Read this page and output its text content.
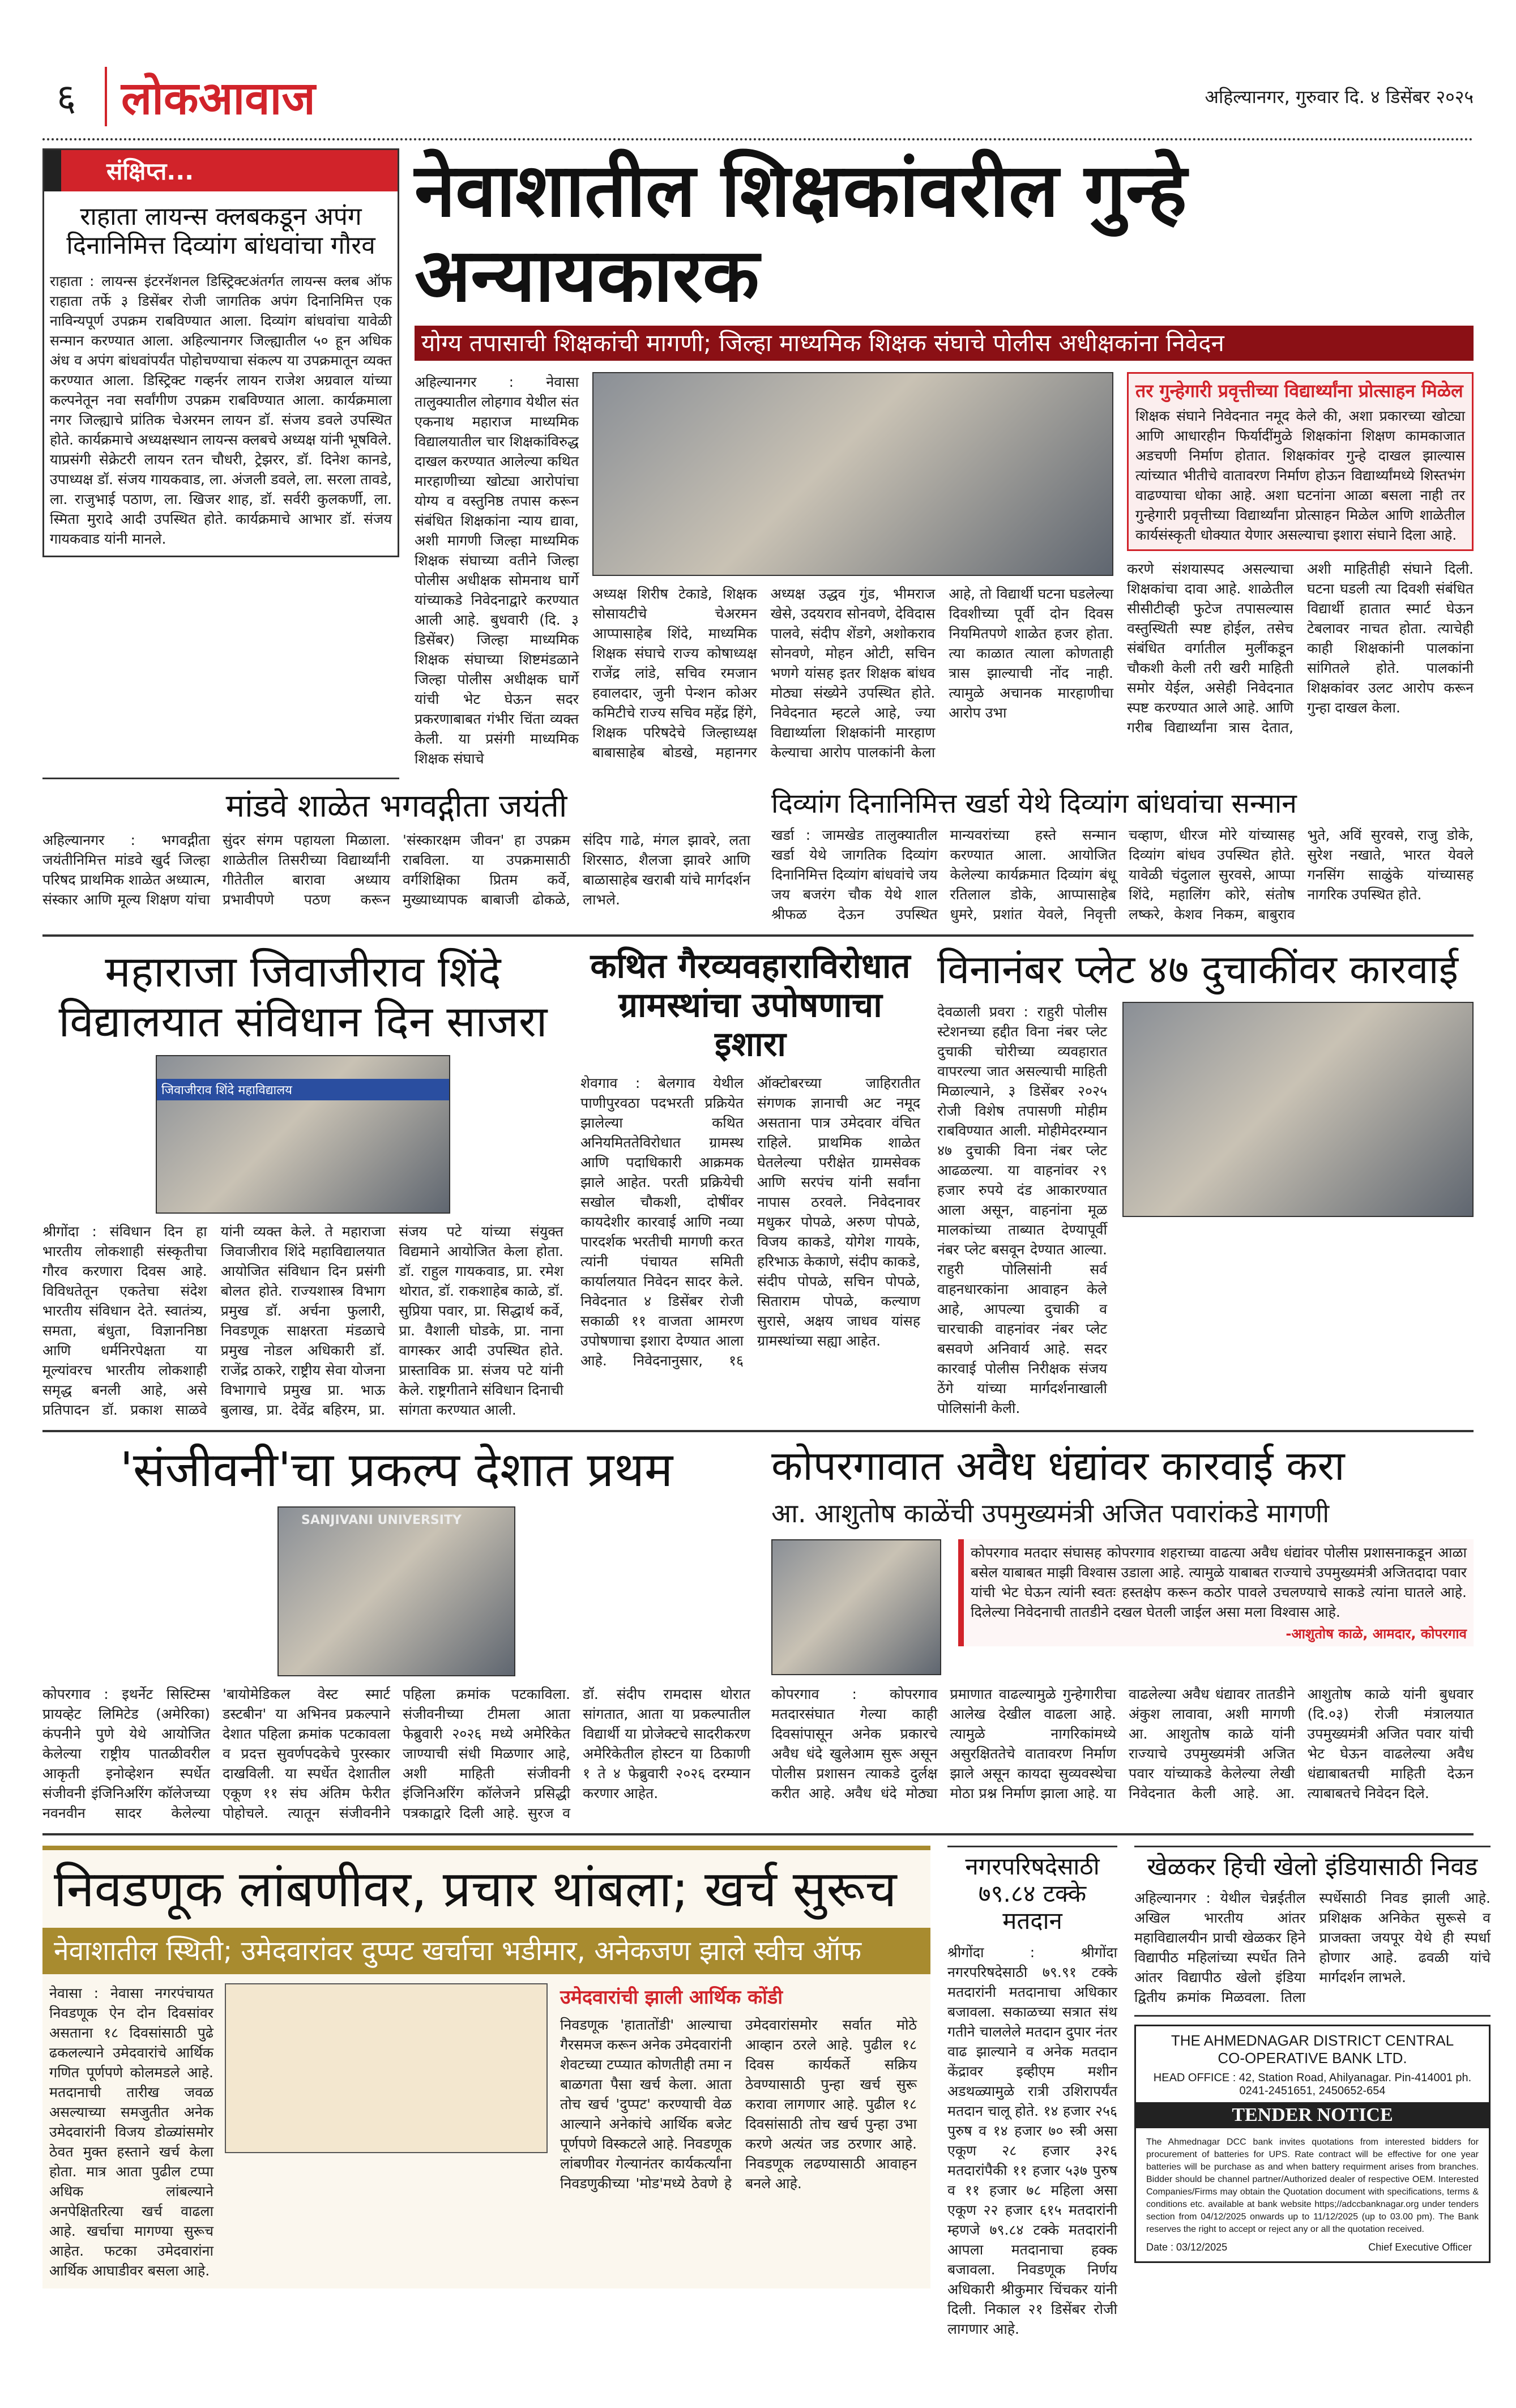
६ लोकआवाज	अहिल्यानगर, गुरुवार दि. ४ डिसेंबर २०२५
संक्षिप्त...
राहाता लायन्स क्लबकडून अपंग दिनानिमित्त दिव्यांग बांधवांचा गौरव
राहाता : लायन्स इंटरनॅशनल डिस्ट्रिक्टअंतर्गत लायन्स क्लब ऑफ राहाता तर्फे ३ डिसेंबर रोजी जागतिक अपंग दिनानिमित्त एक नाविन्यपूर्ण उपक्रम राबविण्यात आला. दिव्यांग बांधवांचा यावेळी सन्मान करण्यात आला. अहिल्यानगर जिल्ह्यातील ५० हून अधिक अंध व अपंग बांधवांपर्यंत पोहोचण्याचा संकल्प या उपक्रमातून व्यक्त करण्यात आला. डिस्ट्रिक्ट गव्हर्नर लायन राजेश अग्रवाल यांच्या कल्पनेतून नवा सर्वांगीण उपक्रम राबविण्यात आला. कार्यक्रमाला नगर जिल्ह्याचे प्रांतिक चेअरमन लायन डॉ. संजय डवले उपस्थित होते. कार्यक्रमाचे अध्यक्षस्थान लायन्स क्लबचे अध्यक्ष यांनी भूषविले. याप्रसंगी सेक्रेटरी लायन रतन चौधरी, ट्रेझरर, डॉ. दिनेश कानडे, उपाध्यक्ष डॉ. संजय गायकवाड, ला. अंजली डवले, ला. सरला तावडे, ला. राजुभाई पठाण, ला. खिजर शाह, डॉ. सर्वरी कुलकर्णी, ला. स्मिता मुरादे आदी उपस्थित होते. कार्यक्रमाचे आभार डॉ. संजय गायकवाड यांनी मानले.
नेवाशातील शिक्षकांवरील गुन्हे अन्यायकारक
योग्य तपासाची शिक्षकांची मागणी; जिल्हा माध्यमिक शिक्षक संघाचे पोलीस अधीक्षकांना निवेदन
अहिल्यानगर : नेवासा तालुक्यातील लोहगाव येथील संत एकनाथ महाराज माध्यमिक विद्यालयातील चार शिक्षकांविरुद्ध दाखल करण्यात आलेल्या कथित मारहाणीच्या खोट्या आरोपांचा योग्य व वस्तुनिष्ठ तपास करून संबंधित शिक्षकांना न्याय द्यावा, अशी मागणी जिल्हा माध्यमिक शिक्षक संघाच्या वतीने जिल्हा पोलीस अधीक्षक सोमनाथ घार्गे यांच्याकडे निवेदनाद्वारे करण्यात आली आहे. बुधवारी (दि. ३ डिसेंबर) जिल्हा माध्यमिक शिक्षक संघाच्या शिष्टमंडळाने जिल्हा पोलीस अधीक्षक घार्गे यांची भेट घेऊन सदर प्रकरणाबाबत गंभीर चिंता व्यक्त केली. या प्रसंगी माध्यमिक शिक्षक संघाचे
अध्यक्ष शिरीष टेकाडे, शिक्षक सोसायटीचे चेअरमन आप्पासाहेब शिंदे, माध्यमिक शिक्षक संघाचे राज्य कोषाध्यक्ष राजेंद्र लांडे, सचिव रमजान हवालदार, जुनी पेन्शन कोअर कमिटीचे राज्य सचिव महेंद्र हिंगे, शिक्षक परिषदेचे जिल्हाध्यक्ष बाबासाहेब बोडखे, महानगर अध्यक्ष उद्धव गुंड, भीमराज खेसे, उदयराव सोनवणे, देविदास पालवे, संदीप शेंडगे, अशोकराव सोनवणे, मोहन ओटी, सचिन भणगे यांसह इतर शिक्षक बांधव मोठ्या संख्येने उपस्थित होते. निवेदनात म्हटले आहे, ज्या विद्यार्थ्याला शिक्षकांनी मारहाण केल्याचा आरोप पालकांनी केला आहे, तो विद्यार्थी घटना घडलेल्या दिवशीच्या पूर्वी दोन दिवस नियमितपणे शाळेत हजर होता. त्या काळात त्याला कोणताही त्रास झाल्याची नोंद नाही. त्यामुळे अचानक मारहाणीचा आरोप उभा
तर गुन्हेगारी प्रवृत्तीच्या विद्यार्थ्यांना प्रोत्साहन मिळेल
शिक्षक संघाने निवेदनात नमूद केले की, अशा प्रकारच्या खोट्या आणि आधारहीन फिर्यादींमुळे शिक्षकांना शिक्षण कामकाजात अडचणी निर्माण होतात. शिक्षकांवर गुन्हे दाखल झाल्यास त्यांच्यात भीतीचे वातावरण निर्माण होऊन विद्यार्थ्यांमध्ये शिस्तभंग वाढण्याचा धोका आहे. अशा घटनांना आळा बसला नाही तर गुन्हेगारी प्रवृत्तीच्या विद्यार्थ्यांना प्रोत्साहन मिळेल आणि शाळेतील कार्यसंस्कृती धोक्यात येणार असल्याचा इशारा संघाने दिला आहे.
करणे संशयास्पद असल्याचा शिक्षकांचा दावा आहे. शाळेतील सीसीटीव्ही फुटेज तपासल्यास वस्तुस्थिती स्पष्ट होईल, तसेच संबंधित वर्गातील मुलींकडून चौकशी केली तरी खरी माहिती समोर येईल, असेही निवेदनात स्पष्ट करण्यात आले आहे. आणि गरीब विद्यार्थ्यांना त्रास देतात, अशी माहितीही संघाने दिली. घटना घडली त्या दिवशी संबंधित विद्यार्थी हातात स्मार्ट घेऊन टेबलावर नाचत होता. त्याचेही काही शिक्षकांनी पालकांना सांगितले होते. पालकांनी शिक्षकांवर उलट आरोप करून गुन्हा दाखल केला.
मांडवे शाळेत भगवद्गीता जयंती
अहिल्यानगर : भगवद्गीता जयंतीनिमित्त मांडवे खुर्द जिल्हा परिषद प्राथमिक शाळेत अध्यात्म, संस्कार आणि मूल्य शिक्षण यांचा सुंदर संगम पहायला मिळाला. शाळेतील तिसरीच्या विद्यार्थ्यांनी गीतेतील बारावा अध्याय प्रभावीपणे पठण करून 'संस्कारक्षम जीवन' हा उपक्रम राबविला. या उपक्रमासाठी वर्गशिक्षिका प्रितम कर्वे, मुख्याध्यापक बाबाजी ढोकळे, संदिप गाढे, मंगल झावरे, लता शिरसाठ, शैलजा झावरे आणि बाळासाहेब खराबी यांचे मार्गदर्शन लाभले.
दिव्यांग दिनानिमित्त खर्डा येथे दिव्यांग बांधवांचा सन्मान
खर्डा : जामखेड तालुक्यातील खर्डा येथे जागतिक दिव्यांग दिनानिमित्त दिव्यांग बांधवांचे जय जय बजरंग चौक येथे शाल श्रीफळ देऊन उपस्थित मान्यवरांच्या हस्ते सन्मान करण्यात आला. आयोजित केलेल्या कार्यक्रमात दिव्यांग बंधू रतिलाल डोके, आप्पासाहेब धुमरे, प्रशांत येवले, निवृत्ती चव्हाण, धीरज मोरे यांच्यासह दिव्यांग बांधव उपस्थित होते. यावेळी चंदुलाल सुरवसे, आप्पा शिंदे, महालिंग कोरे, संतोष लष्करे, केशव निकम, बाबुराव भुते, अविं सुरवसे, राजु डोके, सुरेश नखाते, भारत येवले गनसिंग साळुंके यांच्यासह नागरिक उपस्थित होते.
महाराजा जिवाजीराव शिंदे विद्यालयात संविधान दिन साजरा
जिवाजीराव शिंदे महाविद्यालय
श्रीगोंदा : संविधान दिन हा भारतीय लोकशाही संस्कृतीचा गौरव करणारा दिवस आहे. विविधतेतून एकतेचा संदेश भारतीय संविधान देते. स्वातंत्र्य, समता, बंधुता, विज्ञाननिष्ठा आणि धर्मनिरपेक्षता या मूल्यांवरच भारतीय लोकशाही समृद्ध बनली आहे, असे प्रतिपादन डॉ. प्रकाश साळवे यांनी व्यक्त केले. ते महाराजा जिवाजीराव शिंदे महाविद्यालयात आयोजित संविधान दिन प्रसंगी बोलत होते. राज्यशास्त्र विभाग प्रमुख डॉ. अर्चना फुलारी, निवडणूक साक्षरता मंडळाचे प्रमुख नोडल अधिकारी डॉ. राजेंद्र ठाकरे, राष्ट्रीय सेवा योजना विभागाचे प्रमुख प्रा. भाऊ बुलाख, प्रा. देवेंद्र बहिरम, प्रा. संजय पटे यांच्या संयुक्त विद्यमाने आयोजित केला होता. डॉ. राहुल गायकवाड, प्रा. रमेश थोरात, डॉ. राकशाहेब काळे, डॉ. सुप्रिया पवार, प्रा. सिद्धार्थ कर्वे, प्रा. वैशाली घोडके, प्रा. नाना वागस्कर आदी उपस्थित होते. प्रास्ताविक प्रा. संजय पटे यांनी केले. राष्ट्रगीताने संविधान दिनाची सांगता करण्यात आली.
कथित गैरव्यवहाराविरोधात ग्रामस्थांचा उपोषणाचा इशारा
शेवगाव : बेलगाव येथील पाणीपुरवठा पदभरती प्रक्रियेत झालेल्या कथित अनियमिततेविरोधात ग्रामस्थ आणि पदाधिकारी आक्रमक झाले आहेत. परती प्रक्रियेची सखोल चौकशी, दोषींवर कायदेशीर कारवाई आणि नव्या पारदर्शक भरतीची मागणी करत त्यांनी पंचायत समिती कार्यालयात निवेदन सादर केले. निवेदनात ४ डिसेंबर रोजी सकाळी ११ वाजता आमरण उपोषणाचा इशारा देण्यात आला आहे. निवेदनानुसार, १६ ऑक्टोबरच्या जाहिरातीत संगणक ज्ञानाची अट नमूद असताना पात्र उमेदवार वंचित राहिले. प्राथमिक शाळेत घेतलेल्या परीक्षेत ग्रामसेवक आणि सरपंच यांनी सर्वांना नापास ठरवले. निवेदनावर मधुकर पोपळे, अरुण पोपळे, विजय काकडे, योगेश गायके, हरिभाऊ केकाणे, संदीप काकडे, संदीप पोपळे, सचिन पोपळे, सिताराम पोपळे, कल्याण सुरासे, अक्षय जाधव यांसह ग्रामस्थांच्या सह्या आहेत.
विनानंबर प्लेट ४७ दुचाकींवर कारवाई
देवळाली प्रवरा : राहुरी पोलीस स्टेशनच्या हद्दीत विना नंबर प्लेट दुचाकी चोरीच्या व्यवहारात वापरल्या जात असल्याची माहिती मिळाल्याने, ३ डिसेंबर २०२५ रोजी विशेष तपासणी मोहीम राबविण्यात आली. मोहीमेदरम्यान ४७ दुचाकी विना नंबर प्लेट आढळल्या. या वाहनांवर २९ हजार रुपये दंड आकारण्यात आला असून, वाहनांना मूळ मालकांच्या ताब्यात देण्यापूर्वी नंबर प्लेट बसवून देण्यात आल्या. राहुरी पोलिसांनी सर्व वाहनधारकांना आवाहन केले आहे, आपल्या दुचाकी व चारचाकी वाहनांवर नंबर प्लेट बसवणे अनिवार्य आहे. सदर कारवाई पोलीस निरीक्षक संजय ठेंगे यांच्या मार्गदर्शनाखाली पोलिसांनी केली.
'संजीवनी'चा प्रकल्प देशात प्रथम
SANJIVANI UNIVERSITY
कोपरगाव : इथर्नेट सिस्टिम्स प्रायव्हेट लिमिटेड (अमेरिका) कंपनीने पुणे येथे आयोजित केलेल्या राष्ट्रीय पातळीवरील आकृती इनोव्हेशन स्पर्धेत संजीवनी इंजिनिअरिंग कॉलेजच्या नवनवीन सादर केलेल्या 'बायोमेडिकल वेस्ट स्मार्ट डस्टबीन' या अभिनव प्रकल्पाने देशात पहिला क्रमांक पटकावला व प्रदत्त सुवर्णपदकेचे पुरस्कार दाखविली. या स्पर्धेत देशातील एकूण ११ संघ अंतिम फेरीत पोहोचले. त्यातून संजीवनीने पहिला क्रमांक पटकाविला. संजीवनीच्या टीमला आता फेब्रुवारी २०२६ मध्ये अमेरिकेत जाण्याची संधी मिळणार आहे, अशी माहिती संजीवनी इंजिनिअरिंग कॉलेजने प्रसिद्धी पत्रकाद्वारे दिली आहे. सुरज व डॉ. संदीप रामदास थोरात सांगतात, आता या प्रकल्पातील विद्यार्थी या प्रोजेक्टचे सादरीकरण अमेरिकेतील होस्टन या ठिकाणी १ ते ४ फेब्रुवारी २०२६ दरम्यान करणार आहेत.
कोपरगावात अवैध धंद्यांवर कारवाई करा
आ. आशुतोष काळेंची उपमुख्यमंत्री अजित पवारांकडे मागणी
कोपरगाव मतदार संघासह कोपरगाव शहराच्या वाढत्या अवैध धंद्यांवर पोलीस प्रशासनाकडून आळा बसेल याबाबत माझी विश्वास उडाला आहे. त्यामुळे याबाबत राज्याचे उपमुख्यमंत्री अजितदादा पवार यांची भेट घेऊन त्यांनी स्वतः हस्तक्षेप करून कठोर पावले उचलण्याचे साकडे त्यांना घातले आहे. दिलेल्या निवेदनाची तातडीने दखल घेतली जाईल असा मला विश्वास आहे.
-आशुतोष काळे, आमदार, कोपरगाव
कोपरगाव : कोपरगाव मतदारसंघात गेल्या काही दिवसांपासून अनेक प्रकारचे अवैध धंदे खुलेआम सुरू असून पोलीस प्रशासन त्याकडे दुर्लक्ष करीत आहे. अवैध धंदे मोठ्या प्रमाणात वाढल्यामुळे गुन्हेगारीचा आलेख देखील वाढला आहे. त्यामुळे नागरिकांमध्ये असुरक्षिततेचे वातावरण निर्माण झाले असून कायदा सुव्यवस्थेचा मोठा प्रश्न निर्माण झाला आहे. या वाढलेल्या अवैध धंद्यावर तातडीने अंकुश लावावा, अशी मागणी आ. आशुतोष काळे यांनी राज्याचे उपमुख्यमंत्री अजित पवार यांच्याकडे केलेल्या लेखी निवेदनात केली आहे. आ. आशुतोष काळे यांनी बुधवार (दि.०३) रोजी मंत्रालयात उपमुख्यमंत्री अजित पवार यांची भेट घेऊन वाढलेल्या अवैध धंद्याबाबतची माहिती देऊन त्याबाबतचे निवेदन दिले.
निवडणूक लांबणीवर, प्रचार थांबला; खर्च सुरूच
नेवाशातील स्थिती; उमेदवारांवर दुप्पट खर्चाचा भडीमार, अनेकजण झाले स्वीच ऑफ
नेवासा : नेवासा नगरपंचायत निवडणूक ऐन दोन दिवसांवर असताना १८ दिवसांसाठी पुढे ढकलल्याने उमेदवारांचे आर्थिक गणित पूर्णपणे कोलमडले आहे. मतदानाची तारीख जवळ असल्याच्या समजुतीत अनेक उमेदवारांनी विजय डोळ्यांसमोर ठेवत मुक्त हस्ताने खर्च केला होता. मात्र आता पुढील टप्पा अधिक लांबल्याने अनपेक्षितरित्या खर्च वाढला आहे. खर्चाचा मागण्या सुरूच आहेत. फटका उमेदवारांना आर्थिक आघाडीवर बसला आहे.
उमेदवारांची झाली आर्थिक कोंडी
निवडणूक 'हातातोंडी' आल्याचा गैरसमज करून अनेक उमेदवारांनी शेवटच्या टप्प्यात कोणतीही तमा न बाळगता पैसा खर्च केला. आता तोच खर्च 'दुप्पट' करण्याची वेळ आल्याने अनेकांचे आर्थिक बजेट पूर्णपणे विस्कटले आहे. निवडणूक लांबणीवर गेल्यानंतर कार्यकर्त्यांना निवडणुकीच्या 'मोड'मध्ये ठेवणे हे उमेदवारांसमोर सर्वात मोठे आव्हान ठरले आहे. पुढील १८ दिवस कार्यकर्ते सक्रिय ठेवण्यासाठी पुन्हा खर्च सुरू करावा लागणार आहे. पुढील १८ दिवसांसाठी तोच खर्च पुन्हा उभा करणे अत्यंत जड ठरणार आहे. निवडणूक लढण्यासाठी आवाहन बनले आहे.
नगरपरिषदेसाठी ७९.८४ टक्के मतदान
श्रीगोंदा : श्रीगोंदा नगरपरिषदेसाठी ७९.९१ टक्के मतदारांनी मतदानाचा अधिकार बजावला. सकाळच्या सत्रात संथ गतीने चाललेले मतदान दुपार नंतर वाढ झाल्याने व अनेक मतदान केंद्रावर इव्हीएम मशीन अडथळ्यामुळे रात्री उशिरापर्यंत मतदान चालू होते. १४ हजार २५६ पुरुष व १४ हजार ७० स्त्री असा एकूण २८ हजार ३२६ मतदारांपैकी ११ हजार ५३७ पुरुष व ११ हजार ७८ महिला असा एकूण २२ हजार ६१५ मतदारांनी म्हणजे ७९.८४ टक्के मतदारांनी आपला मतदानाचा हक्क बजावला. निवडणूक निर्णय अधिकारी श्रीकुमार चिंचकर यांनी दिली. निकाल २१ डिसेंबर रोजी लागणार आहे.
खेळकर हिची खेलो इंडियासाठी निवड
अहिल्यानगर : येथील चेन्नईतील अखिल भारतीय आंतर महाविद्यालयीन प्राची खेळकर हिने विद्यापीठ महिलांच्या स्पर्धेत तिने आंतर विद्यापीठ खेलो इंडिया द्वितीय क्रमांक मिळवला. तिला स्पर्धेसाठी निवड झाली आहे. प्रशिक्षक अनिकेत सुरूसे व प्राजक्ता जयपूर येथे ही स्पर्धा होणार आहे. ढवळी यांचे मार्गदर्शन लाभले.
THE AHMEDNAGAR DISTRICT CENTRAL
CO-OPERATIVE BANK LTD.
HEAD OFFICE : 42, Station Road, Ahilyanagar. Pin-414001 ph. 0241-2451651, 2450652-654
TENDER NOTICE
The Ahmednagar DCC bank invites quotations from interested bidders for procurement of batteries for UPS. Rate contract will be effective for one year batteries will be purchase as and when battery requirment arises from branches. Bidder should be channel partner/Authorized dealer of respective OEM. Interested Companies/Firms may obtain the Quotation document with specifications, terms & conditions etc. available at bank website https;//adccbanknagar.org under tenders section from 04/12/2025 onwards up to 11/12/2025 (up to 03.00 pm). The Bank reserves the right to accept or reject any or all the quotation received.
Date : 03/12/2025	Chief Executive Officer
